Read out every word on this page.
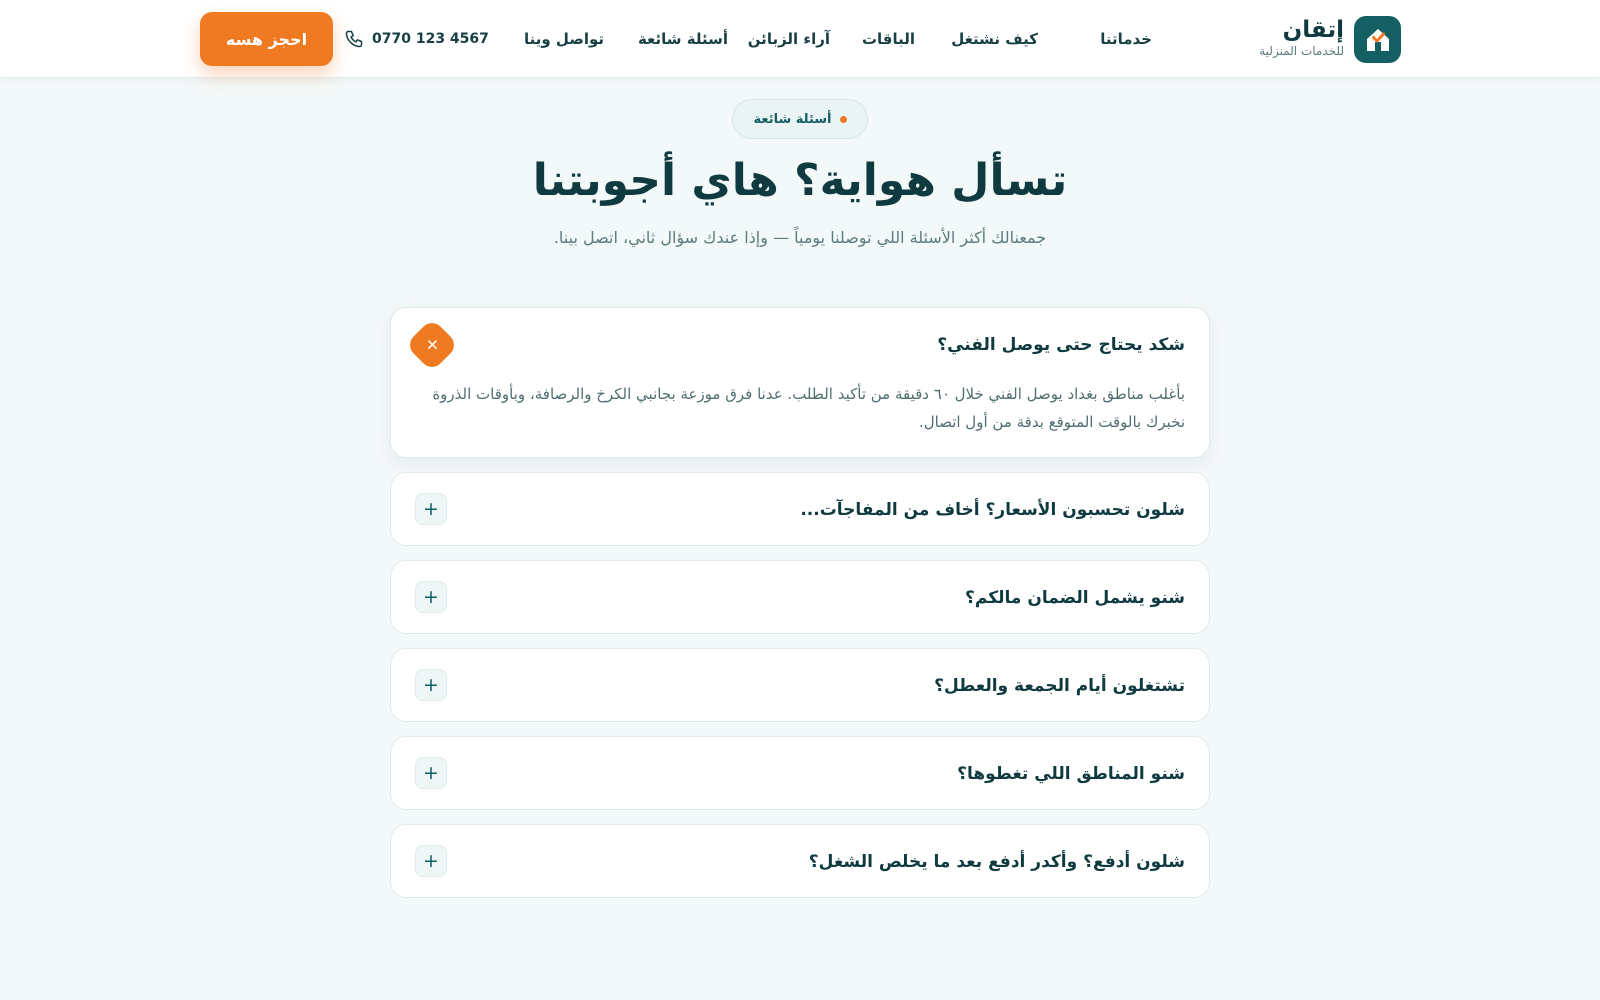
إتقان
للخدمات المنزلية
خدماتنا
كيف نشتغل
الباقات
آراء الزبائن
أسئلة شائعة
تواصل وينا
0770 123 4567
احجز هسه
أسئلة شائعة
تسأل هواية؟ هاي أجوبتنا

جمعنالك أكثر الأسئلة اللي توصلنا يومياً — وإذا عندك سؤال ثاني، اتصل بينا.

شكد يحتاج حتى يوصل الفني؟
+

بأغلب مناطق بغداد يوصل الفني خلال ٦٠ دقيقة من تأكيد الطلب. عدنا فرق موزعة بجانبي الكرخ والرصافة، وبأوقات الذروة نخبرك بالوقت المتوقع بدقة من أول اتصال.

شلون تحسبون الأسعار؟ أخاف من المفاجآت...
+
شنو يشمل الضمان مالكم؟
+
تشتغلون أيام الجمعة والعطل؟
+
شنو المناطق اللي تغطوها؟
+
شلون أدفع؟ وأكدر أدفع بعد ما يخلص الشغل؟
+
